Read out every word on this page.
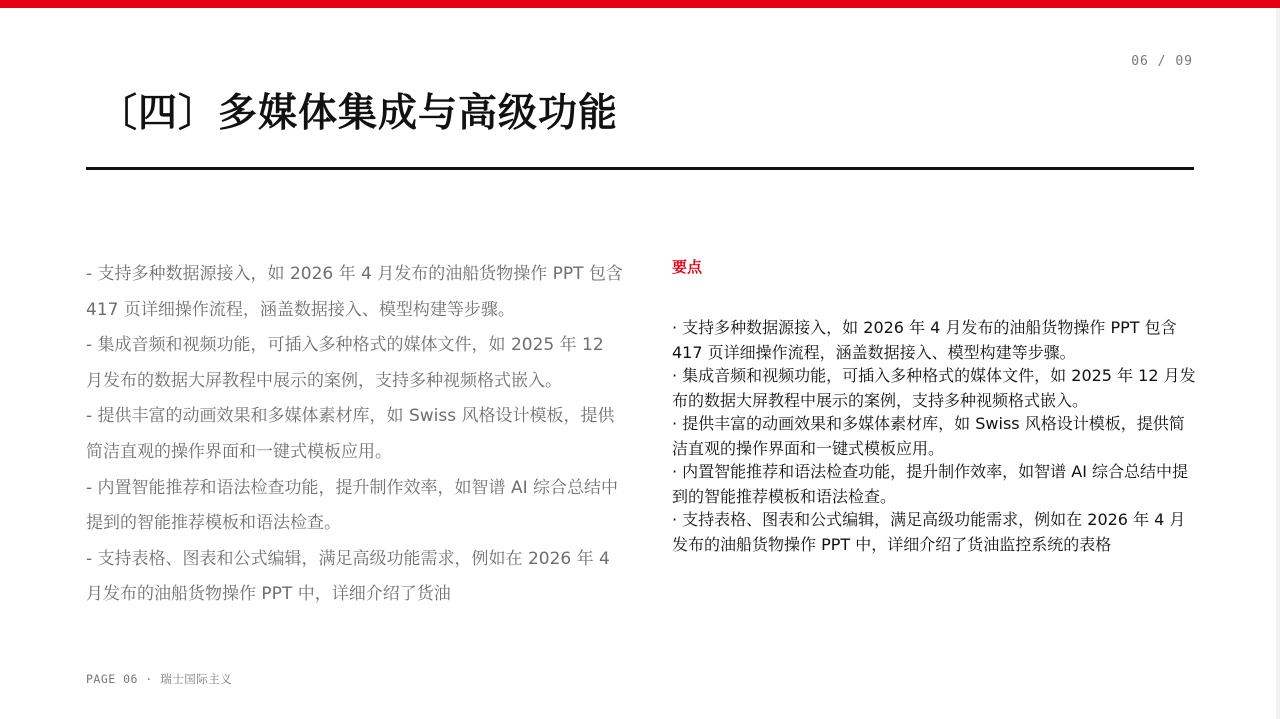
06 / 09
〔四〕多媒体集成与高级功能

- 支持多种数据源接入，如 2026 年 4 月发布的油船货物操作 PPT 包含 417 页详细操作流程，涵盖数据接入、模型构建等步骤。

- 集成音频和视频功能，可插入多种格式的媒体文件，如 2025 年 12 月发布的数据大屏教程中展示的案例，支持多种视频格式嵌入。

- 提供丰富的动画效果和多媒体素材库，如 Swiss 风格设计模板，提供简洁直观的操作界面和一键式模板应用。

- 内置智能推荐和语法检查功能，提升制作效率，如智谱 AI 综合总结中提到的智能推荐模板和语法检查。

- 支持表格、图表和公式编辑，满足高级功能需求，例如在 2026 年 4 月发布的油船货物操作 PPT 中，详细介绍了货油

要点

· 支持多种数据源接入，如 2026 年 4 月发布的油船货物操作 PPT 包含 417 页详细操作流程，涵盖数据接入、模型构建等步骤。

· 集成音频和视频功能，可插入多种格式的媒体文件，如 2025 年 12 月发布的数据大屏教程中展示的案例，支持多种视频格式嵌入。

· 提供丰富的动画效果和多媒体素材库，如 Swiss 风格设计模板，提供简洁直观的操作界面和一键式模板应用。

· 内置智能推荐和语法检查功能，提升制作效率，如智谱 AI 综合总结中提到的智能推荐模板和语法检查。

· 支持表格、图表和公式编辑，满足高级功能需求，例如在 2026 年 4 月发布的油船货物操作 PPT 中，详细介绍了货油监控系统的表格

PAGE 06 · 瑞士国际主义
